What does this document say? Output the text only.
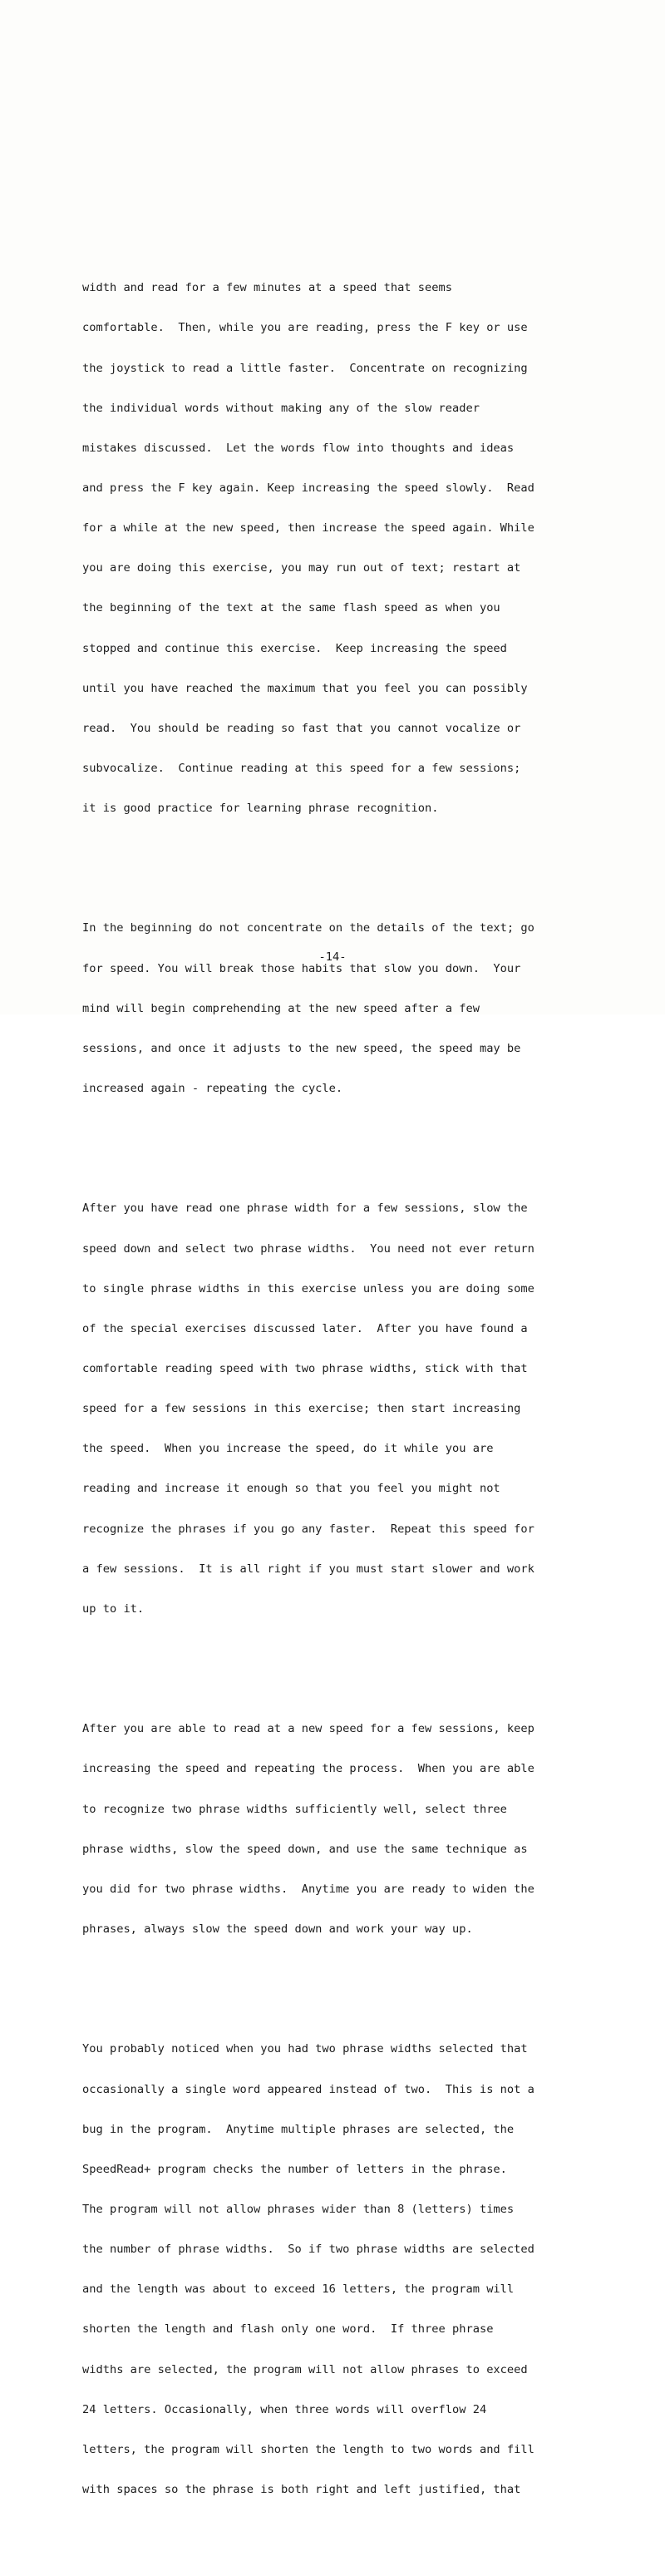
width and read for a few minutes at a speed that seems

comfortable.  Then, while you are reading, press the F key or use

the joystick to read a little faster.  Concentrate on recognizing

the individual words without making any of the slow reader

mistakes discussed.  Let the words flow into thoughts and ideas

and press the F key again. Keep increasing the speed slowly.  Read

for a while at the new speed, then increase the speed again. While

you are doing this exercise, you may run out of text; restart at

the beginning of the text at the same flash speed as when you

stopped and continue this exercise.  Keep increasing the speed

until you have reached the maximum that you feel you can possibly

read.  You should be reading so fast that you cannot vocalize or

subvocalize.  Continue reading at this speed for a few sessions;

it is good practice for learning phrase recognition.

In the beginning do not concentrate on the details of the text; go

for speed. You will break those habits that slow you down.  Your

mind will begin comprehending at the new speed after a few

sessions, and once it adjusts to the new speed, the speed may be

increased again - repeating the cycle.

After you have read one phrase width for a few sessions, slow the

speed down and select two phrase widths.  You need not ever return

to single phrase widths in this exercise unless you are doing some

of the special exercises discussed later.  After you have found a

comfortable reading speed with two phrase widths, stick with that

speed for a few sessions in this exercise; then start increasing

the speed.  When you increase the speed, do it while you are

reading and increase it enough so that you feel you might not

recognize the phrases if you go any faster.  Repeat this speed for

a few sessions.  It is all right if you must start slower and work

up to it.

After you are able to read at a new speed for a few sessions, keep

increasing the speed and repeating the process.  When you are able

to recognize two phrase widths sufficiently well, select three

phrase widths, slow the speed down, and use the same technique as

you did for two phrase widths.  Anytime you are ready to widen the

phrases, always slow the speed down and work your way up.

You probably noticed when you had two phrase widths selected that

occasionally a single word appeared instead of two.  This is not a

bug in the program.  Anytime multiple phrases are selected, the

SpeedRead+ program checks the number of letters in the phrase.

The program will not allow phrases wider than 8 (letters) times

the number of phrase widths.  So if two phrase widths are selected

and the length was about to exceed 16 letters, the program will

shorten the length and flash only one word.  If three phrase

widths are selected, the program will not allow phrases to exceed

24 letters. Occasionally, when three words will overflow 24

letters, the program will shorten the length to two words and fill

with spaces so the phrase is both right and left justified, that

-14-
